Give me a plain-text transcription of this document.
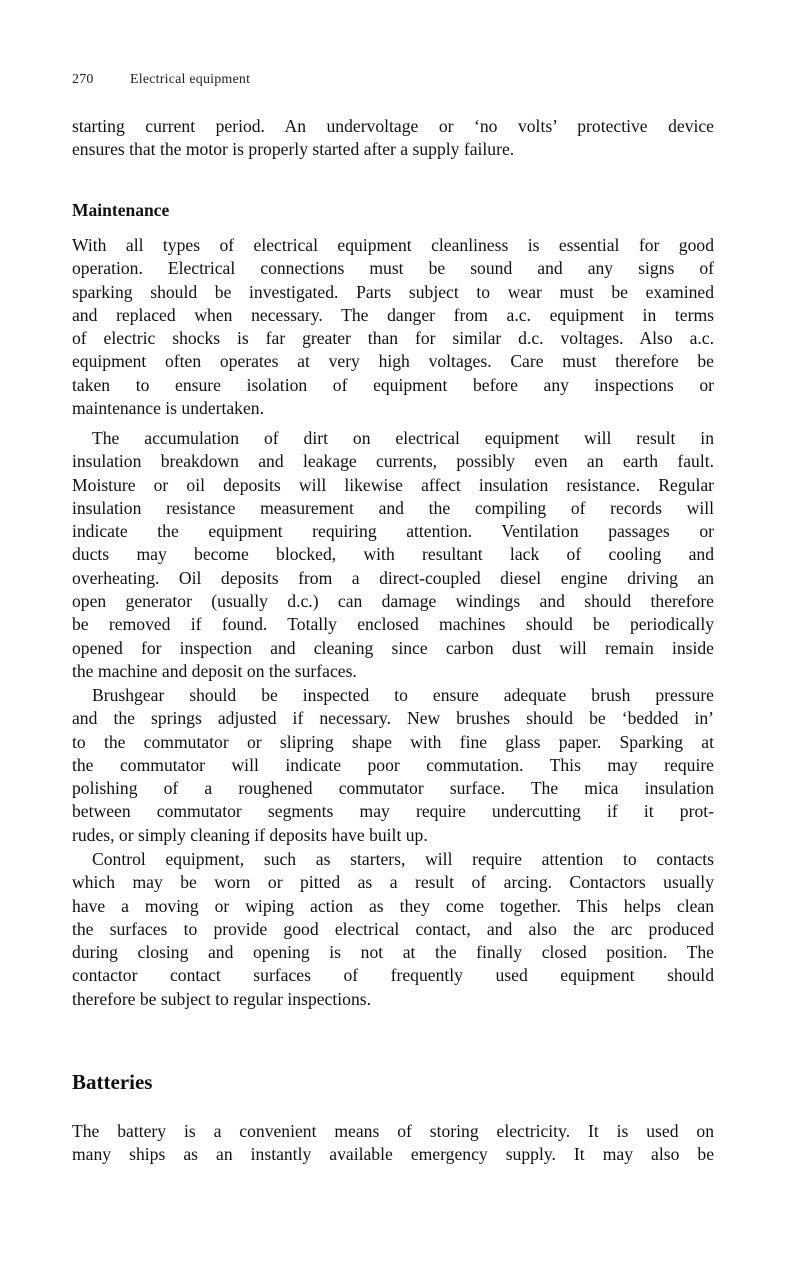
270	Electrical equipment
starting current period. An undervoltage or ‘no volts’ protective device
ensures that the motor is properly started after a supply failure.
Maintenance
With all types of electrical equipment cleanliness is essential for good
operation. Electrical connections must be sound and any signs of
sparking should be investigated. Parts subject to wear must be examined
and replaced when necessary. The danger from a.c. equipment in terms
of electric shocks is far greater than for similar d.c. voltages. Also a.c.
equipment often operates at very high voltages. Care must therefore be
taken to ensure isolation of equipment before any inspections or
maintenance is undertaken.
The accumulation of dirt on electrical equipment will result in
insulation breakdown and leakage currents, possibly even an earth fault.
Moisture or oil deposits will likewise affect insulation resistance. Regular
insulation resistance measurement and the compiling of records will
indicate the equipment requiring attention. Ventilation passages or
ducts may become blocked, with resultant lack of cooling and
overheating. Oil deposits from a direct-coupled diesel engine driving an
open generator (usually d.c.) can damage windings and should therefore
be removed if found. Totally enclosed machines should be periodically
opened for inspection and cleaning since carbon dust will remain inside
the machine and deposit on the surfaces.
Brushgear should be inspected to ensure adequate brush pressure
and the springs adjusted if necessary. New brushes should be ‘bedded in’
to the commutator or slipring shape with fine glass paper. Sparking at
the commutator will indicate poor commutation. This may require
polishing of a roughened commutator surface. The mica insulation
between commutator segments may require undercutting if it prot-
rudes, or simply cleaning if deposits have built up.
Control equipment, such as starters, will require attention to contacts
which may be worn or pitted as a result of arcing. Contactors usually
have a moving or wiping action as they come together. This helps clean
the surfaces to provide good electrical contact, and also the arc produced
during closing and opening is not at the finally closed position. The
contactor contact surfaces of frequently used equipment should
therefore be subject to regular inspections.
Batteries
The battery is a convenient means of storing electricity. It is used on
many ships as an instantly available emergency supply. It may also be
